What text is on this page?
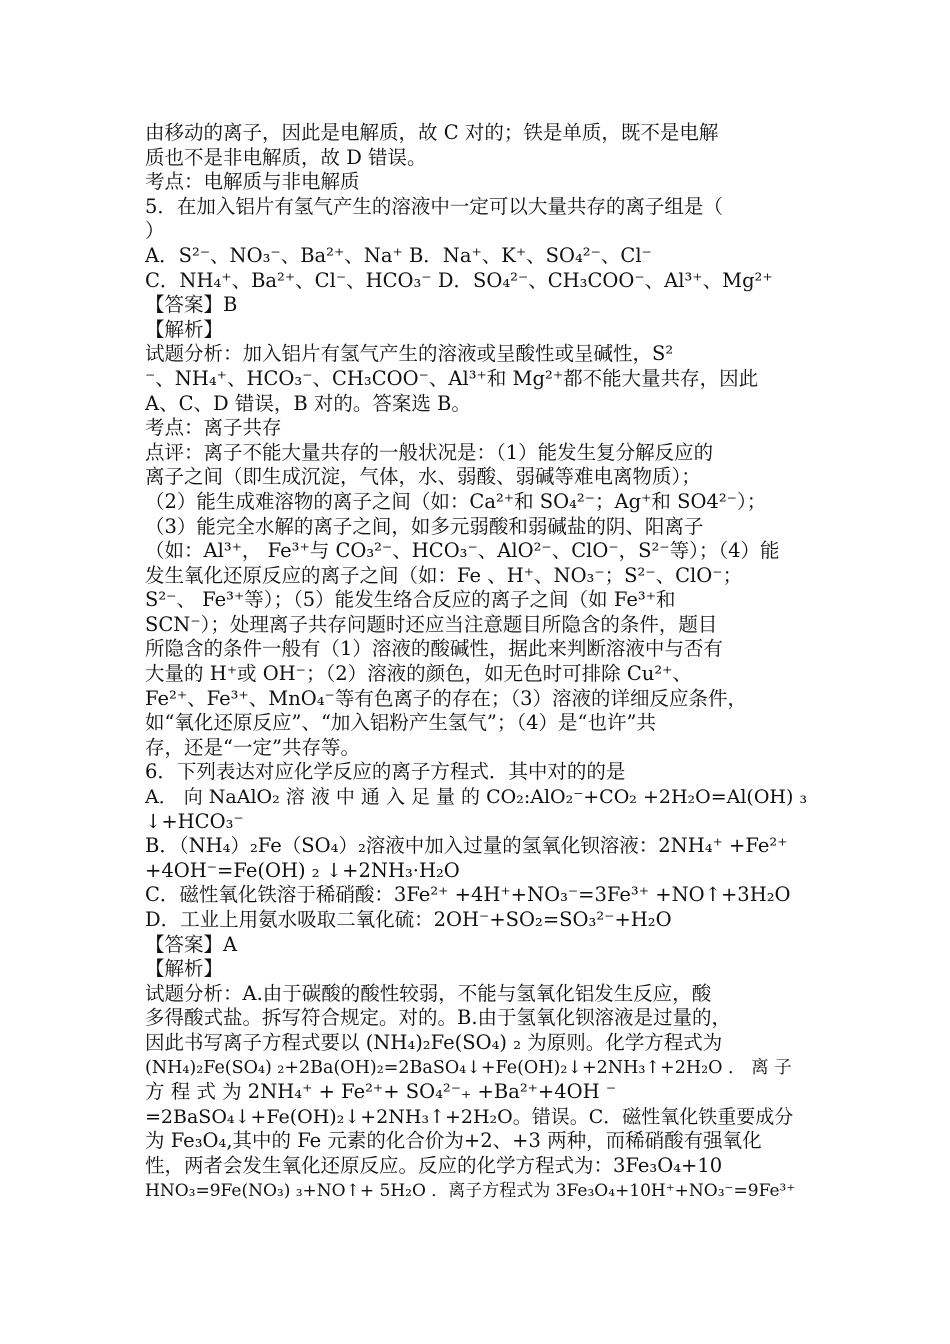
由移动的离子，因此是电解质，故 C 对的；铁是单质，既不是电解
质也不是非电解质，故 D 错误。
考点：电解质与非电解质
5．在加入铝片有氢气产生的溶液中一定可以大量共存的离子组是（
）
A．S²⁻、NO₃⁻、Ba²⁺、Na⁺ B．Na⁺、K⁺、SO₄²⁻、Cl⁻
C．NH₄⁺、Ba²⁺、Cl⁻、HCO₃⁻ D．SO₄²⁻、CH₃COO⁻、Al³⁺、Mg²⁺
【答案】B
【解析】
试题分析：加入铝片有氢气产生的溶液或呈酸性或呈碱性，S²
⁻、NH₄⁺、HCO₃⁻、CH₃COO⁻、Al³⁺和 Mg²⁺都不能大量共存，因此
A、C、D 错误，B 对的。答案选 B。
考点：离子共存
点评：离子不能大量共存的一般状况是：（1）能发生复分解反应的
离子之间（即生成沉淀，气体，水、弱酸、弱碱等难电离物质）；
（2）能生成难溶物的离子之间（如：Ca²⁺和 SO₄²⁻；Ag⁺和 SO4²⁻）；
（3）能完全水解的离子之间，如多元弱酸和弱碱盐的阴、阳离子
（如：Al³⁺， Fe³⁺与 CO₃²⁻、HCO₃⁻、AlO²⁻、ClO⁻，S²⁻等）；（4）能
发生氧化还原反应的离子之间（如：Fe 、H⁺、NO₃⁻；S²⁻、ClO⁻；
S²⁻、 Fe³⁺等）；（5）能发生络合反应的离子之间（如 Fe³⁺和
SCN⁻）；处理离子共存问题时还应当注意题目所隐含的条件，题目
所隐含的条件一般有（1）溶液的酸碱性，据此来判断溶液中与否有
大量的 H⁺或 OH⁻；（2）溶液的颜色，如无色时可排除 Cu²⁺、
Fe²⁺、Fe³⁺、MnO₄⁻等有色离子的存在；（3）溶液的详细反应条件，
如“氧化还原反应”、“加入铝粉产生氢气”；（4）是“也许”共
存，还是“一定”共存等。
6．下列表达对应化学反应的离子方程式．其中对的的是
A． 向 NaAlO₂ 溶 液 中 通 入 足 量 的 CO₂:AlO₂⁻+CO₂ +2H₂O=Al(OH) ₃
↓+HCO₃⁻
B．（NH₄）₂Fe（SO₄）₂溶液中加入过量的氢氧化钡溶液：2NH₄⁺ +Fe²⁺
+4OH⁻=Fe(OH) ₂ ↓+2NH₃·H₂O
C．磁性氧化铁溶于稀硝酸：3Fe²⁺ +4H⁺+NO₃⁻=3Fe³⁺ +NO↑+3H₂O
D．工业上用氨水吸取二氧化硫：2OH⁻+SO₂=SO₃²⁻+H₂O
【答案】A
【解析】
试题分析：A.由于碳酸的酸性较弱，不能与氢氧化铝发生反应，酸
多得酸式盐。拆写符合规定。对的。B.由于氢氧化钡溶液是过量的，
因此书写离子方程式要以 (NH₄)₂Fe(SO₄) ₂ 为原则。化学方程式为
(NH₄)₂Fe(SO₄) ₂+2Ba(OH)₂=2BaSO₄↓+Fe(OH)₂↓+2NH₃↑+2H₂O ． 离 子
方 程 式 为 2NH₄⁺ + Fe²⁺+ SO₄²⁻₊ +Ba²⁺+4OH ⁻
=2BaSO₄↓+Fe(OH)₂↓+2NH₃↑+2H₂O。错误。C．磁性氧化铁重要成分
为 Fe₃O₄,其中的 Fe 元素的化合价为+2、+3 两种，而稀硝酸有强氧化
性，两者会发生氧化还原反应。反应的化学方程式为：3Fe₃O₄+10
HNO₃=9Fe(NO₃) ₃+NO↑+ 5H₂O ．离子方程式为 3Fe₃O₄+10H⁺+NO₃⁻=9Fe³⁺
